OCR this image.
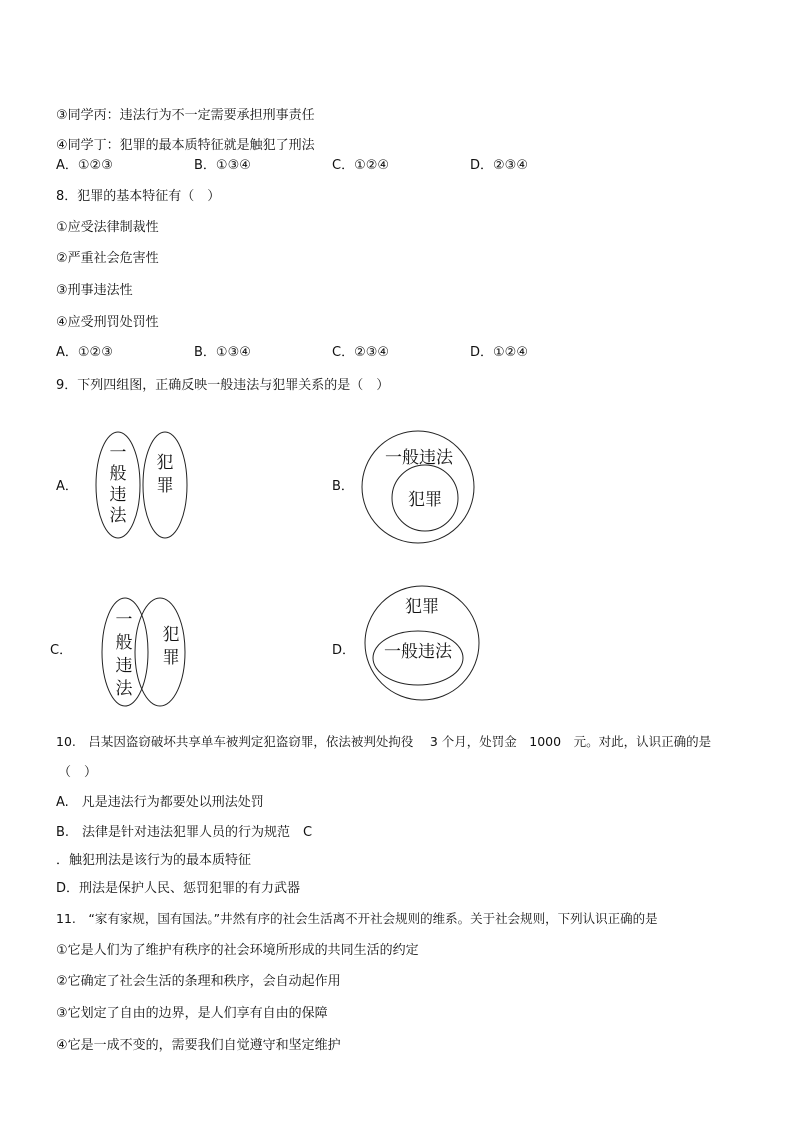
③同学丙：违法行为不一定需要承担刑事责任
④同学丁：犯罪的最本质特征就是触犯了刑法
A．①②③	B．①③④	C．①②④	D．②③④
8．犯罪的基本特征有（　）
①应受法律制裁性
②严重社会危害性
③刑事违法性
④应受刑罚处罚性
A．①②③	B．①③④	C．②③④	D．①②④
9．下列四组图，正确反映一般违法与犯罪关系的是（　）
A．	B．
C．	D．
一
般
违
法
犯
罪
一般违法
犯罪
一
般
违
法
犯
罪
犯罪
一般违法
10.　吕某因盗窃破坏共享单车被判定犯盗窃罪，依法被判处拘役　 3 个月，处罚金　1000　元。对此，认识正确的是
（　）
A.　凡是违法行为都要处以刑法处罚
B.　法律是针对违法犯罪人员的行为规范　C
．触犯刑法是该行为的最本质特征
D．刑法是保护人民、惩罚犯罪的有力武器
11.　“家有家规，国有国法。”井然有序的社会生活离不开社会规则的维系。关于社会规则，下列认识正确的是
①它是人们为了维护有秩序的社会环境所形成的共同生活的约定
②它确定了社会生活的条理和秩序，会自动起作用
③它划定了自由的边界，是人们享有自由的保障
④它是一成不变的，需要我们自觉遵守和坚定维护
